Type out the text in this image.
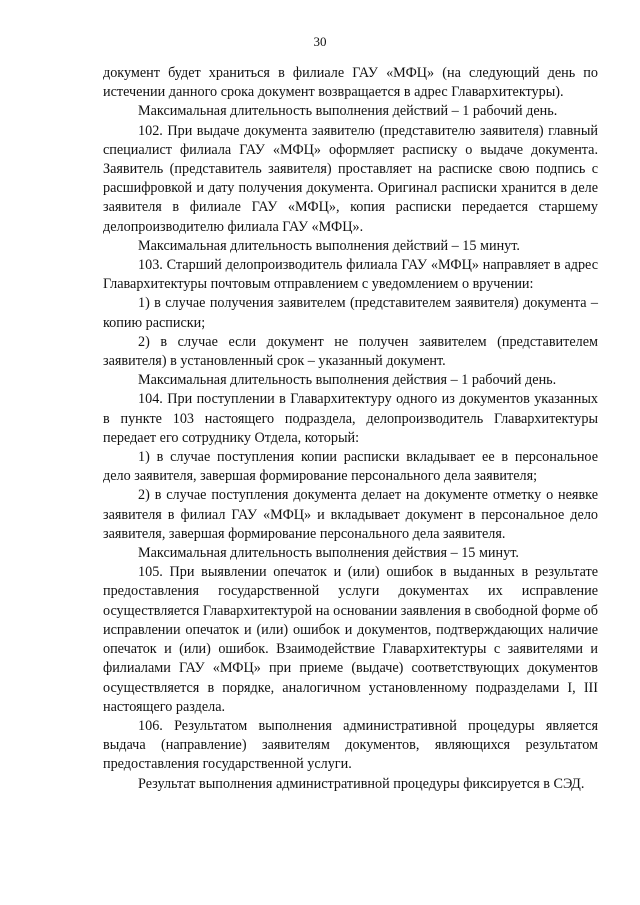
30

документ будет храниться в филиале ГАУ «МФЦ» (на следующий день по истечении данного срока документ возвращается в адрес Главархитектуры).

Максимальная длительность выполнения действий – 1 рабочий день.

102. При выдаче документа заявителю (представителю заявителя) главный специалист филиала ГАУ «МФЦ» оформляет расписку о выдаче документа. Заявитель (представитель заявителя) проставляет на расписке свою подпись с расшифровкой и дату получения документа. Оригинал расписки хранится в деле заявителя в филиале ГАУ «МФЦ», копия расписки передается старшему делопроизводителю филиала ГАУ «МФЦ».

Максимальная длительность выполнения действий – 15 минут.

103. Старший делопроизводитель филиала ГАУ «МФЦ» направляет в адрес Главархитектуры почтовым отправлением с уведомлением о вручении:

1) в случае получения заявителем (представителем заявителя) документа – копию расписки;

2) в случае если документ не получен заявителем (представителем заявителя) в установленный срок – указанный документ.

Максимальная длительность выполнения действия – 1 рабочий день.

104. При поступлении в Главархитектуру одного из документов указанных в пункте 103 настоящего подраздела, делопроизводитель Главархитектуры передает его сотруднику Отдела, который:

1) в случае поступления копии расписки вкладывает ее в персональное дело заявителя, завершая формирование персонального дела заявителя;

2) в случае поступления документа делает на документе отметку о неявке заявителя в филиал ГАУ «МФЦ» и вкладывает документ в персональное дело заявителя, завершая формирование персонального дела заявителя.

Максимальная длительность выполнения действия – 15 минут.

105. При выявлении опечаток и (или) ошибок в выданных в результате предоставления государственной услуги документах их исправление осуществляется Главархитектурой на основании заявления в свободной форме об исправлении опечаток и (или) ошибок и документов, подтверждающих наличие опечаток и (или) ошибок. Взаимодействие Главархитектуры с заявителями и филиалами ГАУ «МФЦ» при приеме (выдаче) соответствующих документов осуществляется в порядке, аналогичном установленному подразделами I, III настоящего раздела.

106. Результатом выполнения административной процедуры является выдача (направление) заявителям документов, являющихся результатом предоставления государственной услуги.

Результат выполнения административной процедуры фиксируется в СЭД.
